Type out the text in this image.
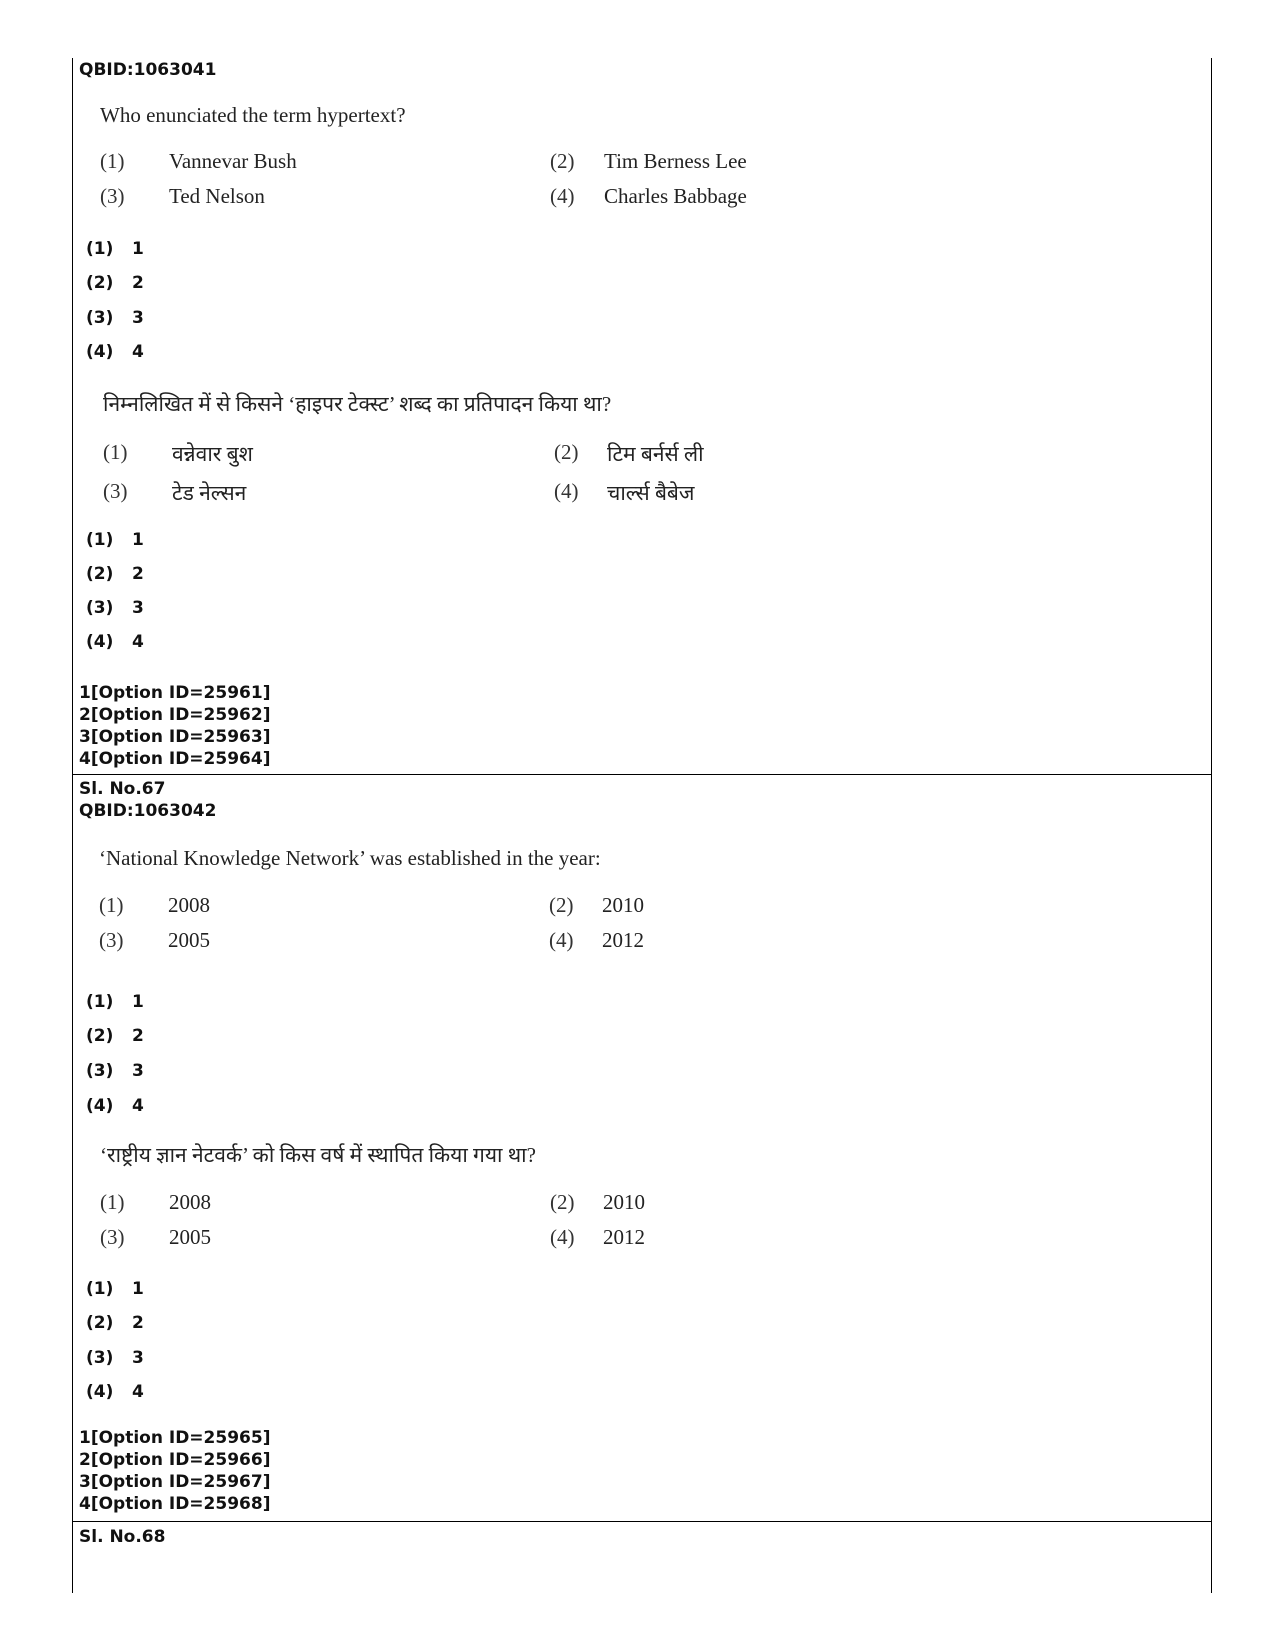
QBID:1063041
Who enunciated the term hypertext?
(1) Vannevar Bush	(2) Tim Berness Lee
(3) Ted Nelson	(4) Charles Babbage
(1) 1
(2) 2
(3) 3
(4) 4
निम्नलिखित में से किसने ‘हाइपर टेक्स्ट’ शब्द का प्रतिपादन किया था?
(1) वन्नेवार बुश	(2) टिम बर्नर्स ली
(3) टेड नेल्सन	(4) चार्ल्स बैबेज
(1) 1
(2) 2
(3) 3
(4) 4
1[Option ID=25961]
2[Option ID=25962]
3[Option ID=25963]
4[Option ID=25964]
Sl. No.67
QBID:1063042
‘National Knowledge Network’ was established in the year:
(1) 2008	(2) 2010
(3) 2005	(4) 2012
(1) 1
(2) 2
(3) 3
(4) 4
‘राष्ट्रीय ज्ञान नेटवर्क’ को किस वर्ष में स्थापित किया गया था?
(1) 2008	(2) 2010
(3) 2005	(4) 2012
(1) 1
(2) 2
(3) 3
(4) 4
1[Option ID=25965]
2[Option ID=25966]
3[Option ID=25967]
4[Option ID=25968]
Sl. No.68
